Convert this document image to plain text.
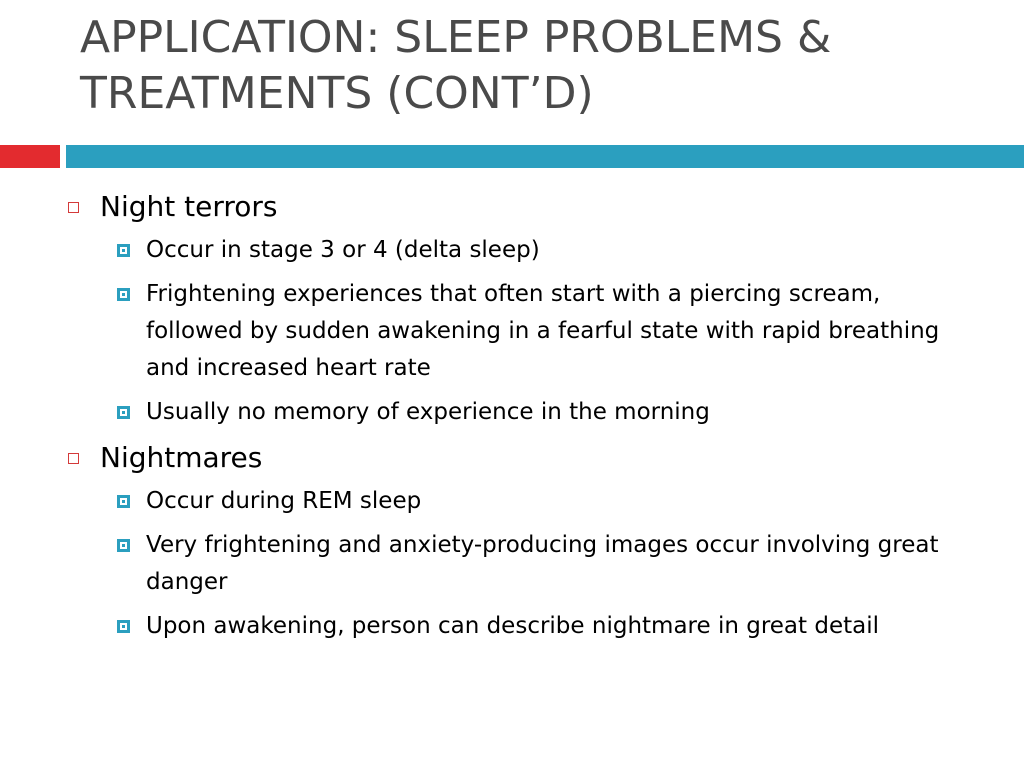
APPLICATION: SLEEP PROBLEMS &
TREATMENTS (CONT’D)
Night terrors
Occur in stage 3 or 4 (delta sleep)
Frightening experiences that often start with a piercing scream, followed by sudden awakening in a fearful state with rapid breathing and increased heart rate
Usually no memory of experience in the morning
Nightmares
Occur during REM sleep
Very frightening and anxiety-producing images occur involving great danger
Upon awakening, person can describe nightmare in great detail
